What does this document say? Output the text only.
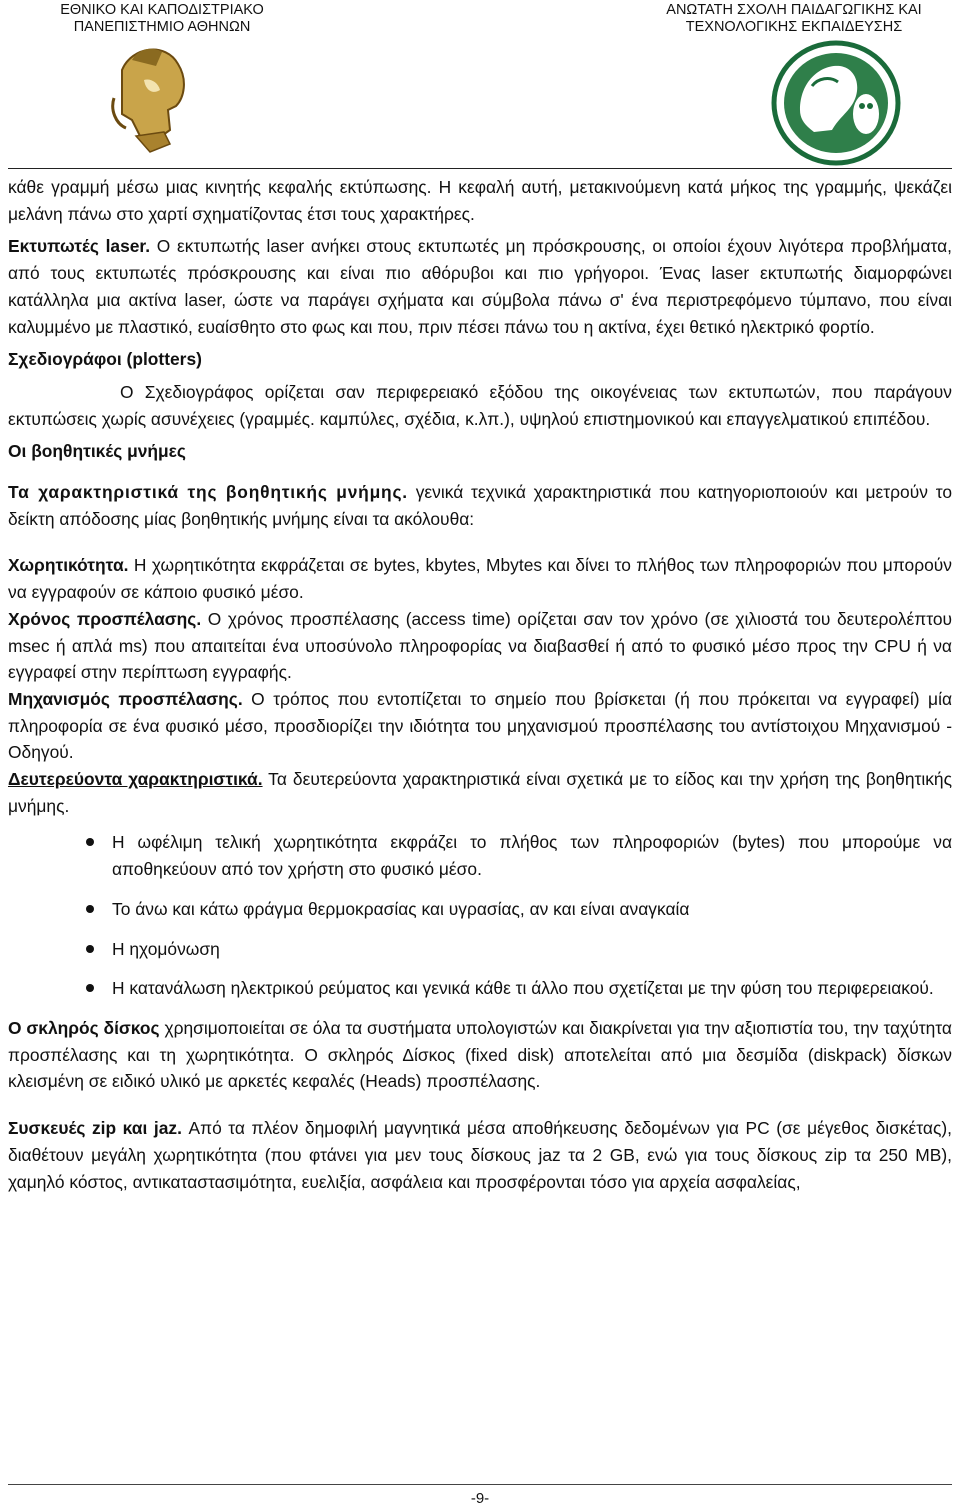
ΕΘΝΙΚΟ ΚΑΙ ΚΑΠΟΔΙΣΤΡΙΑΚΟ
ΠΑΝΕΠΙΣΤΗΜΙΟ ΑΘΗΝΩΝ
ΑΝΩΤΑΤΗ ΣΧΟΛΗ ΠΑΙΔΑΓΩΓΙΚΗΣ ΚΑΙ
ΤΕΧΝΟΛΟΓΙΚΗΣ ΕΚΠΑΙΔΕΥΣΗΣ

κάθε γραμμή μέσω μιας κινητής κεφαλής εκτύπωσης. Η κεφαλή αυτή, μετακινούμενη κατά μήκος της γραμμής, ψεκάζει μελάνη πάνω στο χαρτί σχηματίζοντας έτσι τους χαρακτήρες.

Εκτυπωτές laser. Ο εκτυπωτής laser ανήκει στους εκτυπωτές μη πρόσκρουσης, οι οποίοι έχουν λιγότερα προβλήματα, από τους εκτυπωτές πρόσκρουσης και είναι πιο αθόρυβοι και πιο γρήγοροι. Ένας laser εκτυπωτής διαμορφώνει κατάλληλα μια ακτίνα laser, ώστε να παράγει σχήματα και σύμβολα πάνω σ' ένα περιστρεφόμενο τύμπανο, που είναι καλυμμένο με πλαστικό, ευαίσθητο στο φως και που, πριν πέσει πάνω του η ακτίνα, έχει θετικό ηλεκτρικό φορτίο.

Σχεδιογράφοι (plotters)

Ο Σχεδιογράφος ορίζεται σαν περιφερειακό εξόδου της οικογένειας των εκτυπωτών, που παράγουν εκτυπώσεις χωρίς ασυνέχειες (γραμμές. καμπύλες, σχέδια, κ.λπ.), υψηλού επιστημονικού και επαγγελματικού επιπέδου.

Οι βοηθητικές μνήμες

Τα χαρακτηριστικά της βοηθητικής μνήμης. γενικά τεχνικά χαρακτηριστικά που κατηγοριοποιούν και μετρούν το δείκτη απόδοσης μίας βοηθητικής μνήμης είναι τα ακόλουθα:

Χωρητικότητα. Η χωρητικότητα εκφράζεται σε bytes, kbytes, Mbytes και δίνει το πλήθος των πληροφοριών που μπορούν να εγγραφούν σε κάποιο φυσικό μέσο.

Χρόνος προσπέλασης. Ο χρόνος προσπέλασης (access time) ορίζεται σαν τον χρόνο (σε χιλιοστά του δευτερολέπτου msec ή απλά ms) που απαιτείται ένα υποσύνολο πληροφορίας να διαβασθεί ή από το φυσικό μέσο προς την CPU ή να εγγραφεί στην περίπτωση εγγραφής.

Μηχανισμός προσπέλασης. Ο τρόπος που εντοπίζεται το σημείο που βρίσκεται (ή που πρόκειται να εγγραφεί) μία πληροφορία σε ένα φυσικό μέσο, προσδιορίζει την ιδιότητα του μηχανισμού προσπέλασης του αντίστοιχου Μηχανισμού - Οδηγού.

Δευτερεύοντα χαρακτηριστικά. Τα δευτερεύοντα χαρακτηριστικά είναι σχετικά με το είδος και την χρήση της βοηθητικής μνήμης.

Η ωφέλιμη τελική χωρητικότητα εκφράζει το πλήθος των πληροφοριών (bytes) που μπορούμε να αποθηκεύουν από τον χρήστη στο φυσικό μέσο.
Το άνω και κάτω φράγμα θερμοκρασίας και υγρασίας, αν και είναι αναγκαία
Η ηχομόνωση
Η κατανάλωση ηλεκτρικού ρεύματος και γενικά κάθε τι άλλο που σχετίζεται με την φύση του περιφερειακού.

Ο σκληρός δίσκος χρησιμοποιείται σε όλα τα συστήματα υπολογιστών και διακρίνεται για την αξιοπιστία του, την ταχύτητα προσπέλασης και τη χωρητικότητα. Ο σκληρός Δίσκος (fixed disk) αποτελείται από μια δεσμίδα (diskpack) δίσκων κλεισμένη σε ειδικό υλικό με αρκετές κεφαλές (Heads) προσπέλασης.

Συσκευές zip και jaz. Από τα πλέον δημοφιλή μαγνητικά μέσα αποθήκευσης δεδομένων για PC (σε μέγεθος δισκέτας), διαθέτουν μεγάλη χωρητικότητα (που φτάνει για μεν τους δίσκους jaz τα 2 GB, ενώ για τους δίσκους zip τα 250 MB), χαμηλό κόστος, αντικαταστασιμότητα, ευελιξία, ασφάλεια και προσφέρονται τόσο για αρχεία ασφαλείας,

-9-
